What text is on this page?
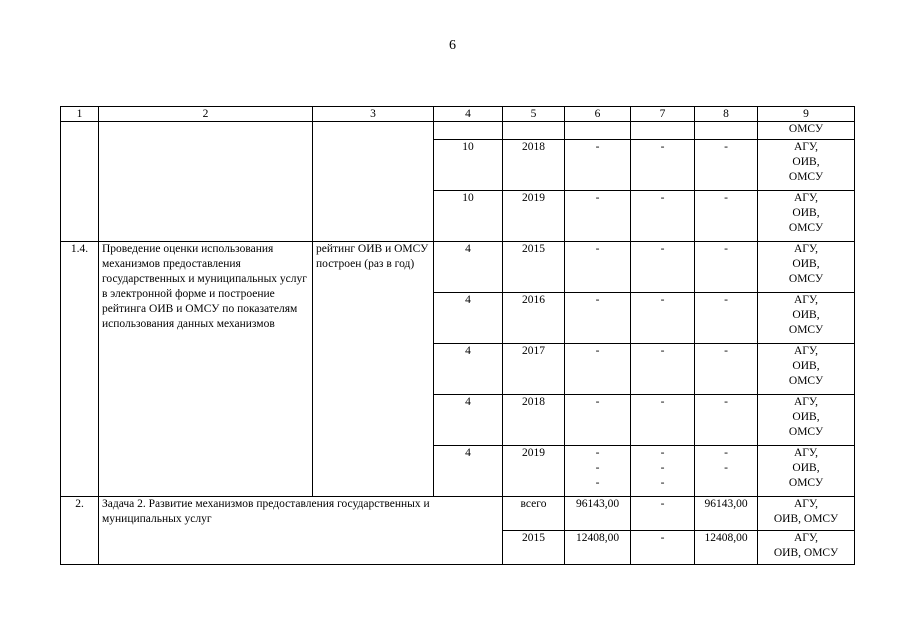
6
1	2	3	4	5	6	7	8	9

								ОМСУ

			10	2018	-	-	-	АГУ,
ОИВ,
ОМСУ

			10	2019	-	-	-	АГУ,
ОИВ,
ОМСУ

1.4.	Проведение оценки использования механизмов предоставления государственных и муниципальных услуг в электронной форме и построение рейтинга ОИВ и ОМСУ по показателям использования данных механизмов	рейтинг ОИВ и ОМСУ построен (раз в год)	4	2015	-	-	-	АГУ,
ОИВ,
ОМСУ

			4	2016	-	-	-	АГУ,
ОИВ,
ОМСУ

			4	2017	-	-	-	АГУ,
ОИВ,
ОМСУ

			4	2018	-	-	-	АГУ,
ОИВ,
ОМСУ

			4	2019	-
-
-	-
-
-	-
-	АГУ,
ОИВ,
ОМСУ

2.	Задача 2. Развитие механизмов предоставления государственных и муниципальных услуг			всего	96143,00	-	96143,00	АГУ,
ОИВ, ОМСУ

				2015	12408,00	-	12408,00	АГУ,
ОИВ, ОМСУ
